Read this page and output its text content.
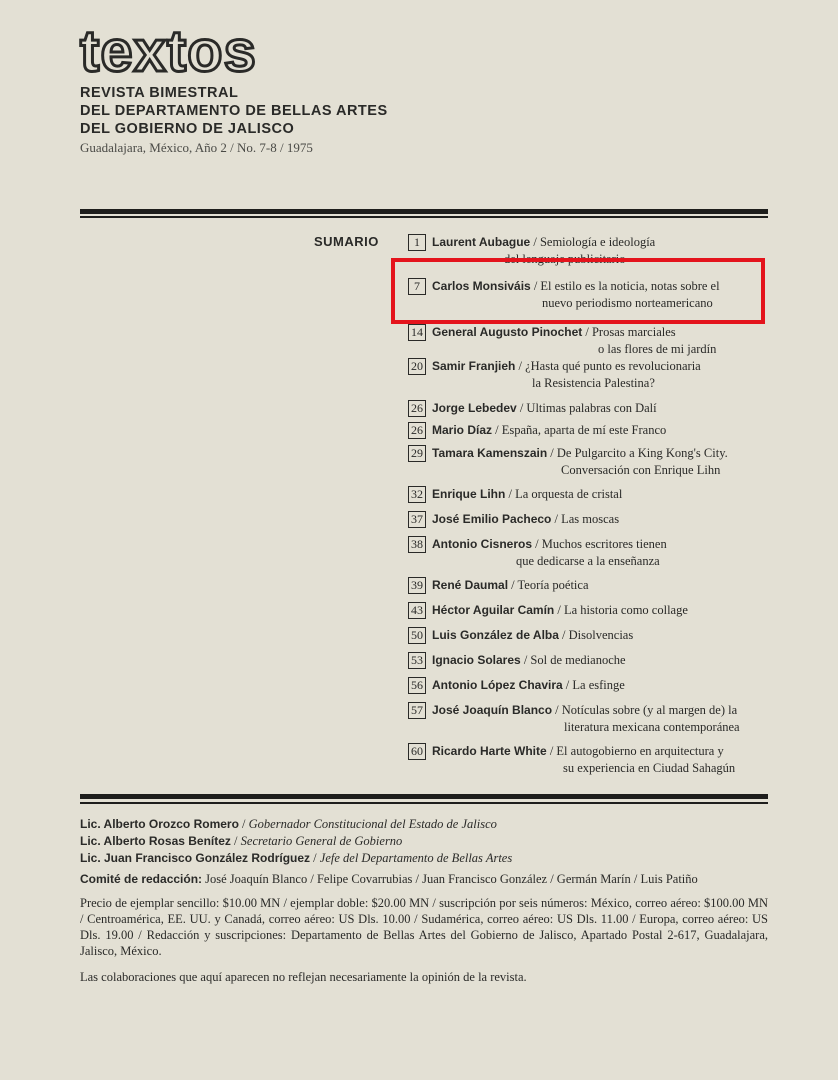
textos
REVISTA BIMESTRAL
DEL DEPARTAMENTO DE BELLAS ARTES
DEL GOBIERNO DE JALISCO
Guadalajara, México, Año 2 / No. 7-8 / 1975
SUMARIO	1	Laurent Aubague / Semiología e ideología
del lenguaje publicitario
7	Carlos Monsiváis / El estilo es la noticia, notas sobre el
nuevo periodismo norteamericano
14 General Augusto Pinochet / Prosas marciales
o las flores de mi jardín
20 Samir Franjieh / ¿Hasta qué punto es revolucionaria
la Resistencia Palestina?
26 Jorge Lebedev / Ultimas palabras con Dalí
26 Mario Díaz / España, aparta de mí este Franco
29 Tamara Kamenszain / De Pulgarcito a King Kong's City.
Conversación con Enrique Lihn
32 Enrique Lihn / La orquesta de cristal
37 José Emilio Pacheco / Las moscas
38 Antonio Cisneros / Muchos escritores tienen
que dedicarse a la enseñanza
39 René Daumal / Teoría poética
43 Héctor Aguilar Camín / La historia como collage
50 Luis González de Alba / Disolvencias
53 Ignacio Solares / Sol de medianoche
56 Antonio López Chavira / La esfinge
57 José Joaquín Blanco / Notículas sobre (y al margen de) la
literatura mexicana contemporánea
60 Ricardo Harte White / El autogobierno en arquitectura y
su experiencia en Ciudad Sahagún
Lic. Alberto Orozco Romero / Gobernador Constitucional del Estado de Jalisco
Lic. Alberto Rosas Benítez / Secretario General de Gobierno
Lic. Juan Francisco González Rodríguez / Jefe del Departamento de Bellas Artes
Comité de redacción: José Joaquín Blanco / Felipe Covarrubias / Juan Francisco González / Germán Marín / Luis Patiño
Precio de ejemplar sencillo: $10.00 MN / ejemplar doble: $20.00 MN / suscripción por seis números: México, correo aéreo: $100.00 MN / Centroamérica, EE. UU. y Canadá, correo aéreo: US Dls. 10.00 / Sudamérica, correo aéreo: US Dls. 11.00 / Europa, correo aéreo: US Dls. 19.00 / Redacción y suscripciones: Departamento de Bellas Artes del Gobierno de Jalisco, Apartado Postal 2-617, Guadalajara, Jalisco, México.
Las colaboraciones que aquí aparecen no reflejan necesariamente la opinión de la revista.
